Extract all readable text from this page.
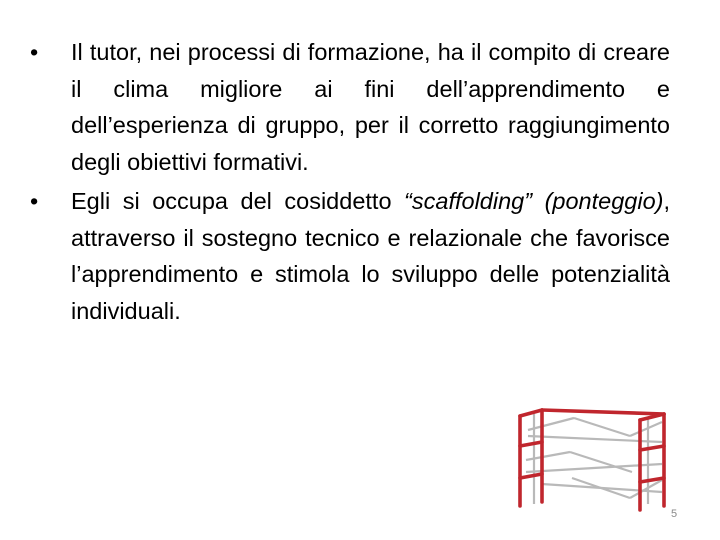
•	Il tutor, nei processi di formazione, ha il compito di creare il clima migliore ai fini dell’apprendimento e dell’esperienza di gruppo, per il corretto raggiungimento degli obiettivi formativi.
•	Egli si occupa del cosiddetto “scaffolding” (ponteggio), attraverso il sostegno tecnico e relazionale che favorisce l’apprendimento e stimola lo sviluppo delle potenzialità individuali.
5
